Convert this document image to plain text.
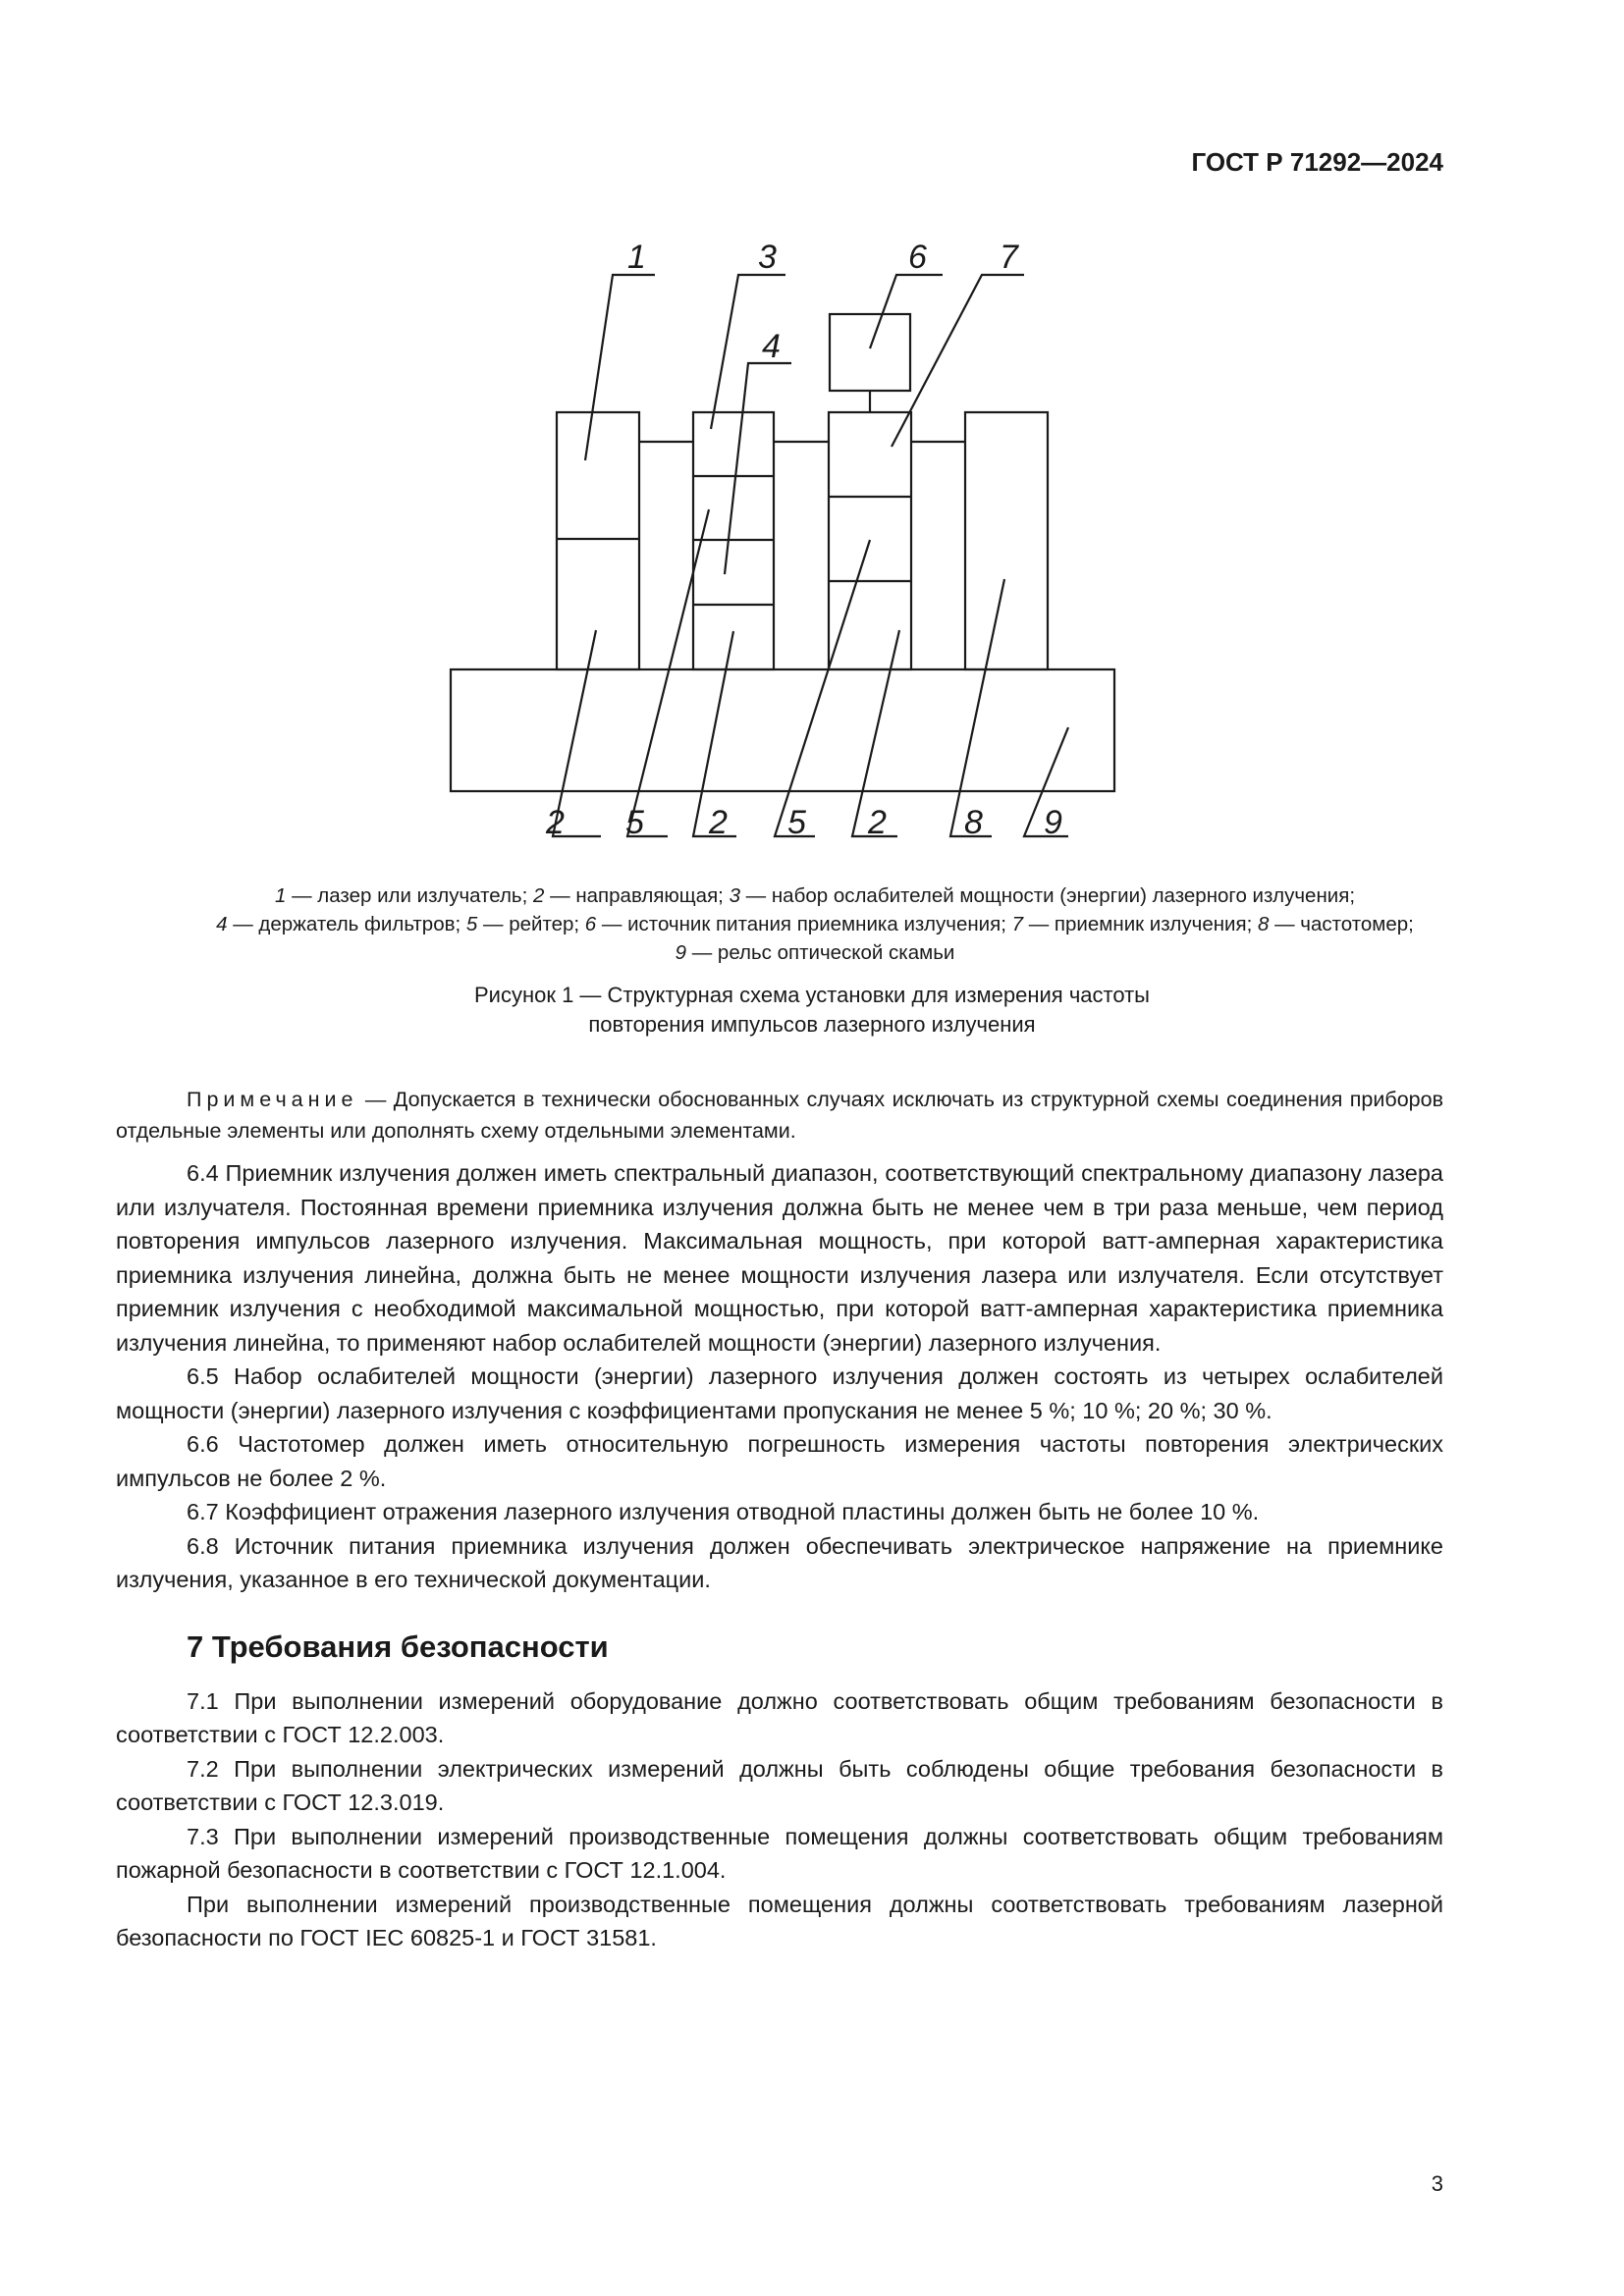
ГОСТ Р 71292—2024
1	3	6 7
4
2 5 2 5 2 8 9

1 — лазер или излучатель; 2 — направляющая; 3 — набор ослабителей мощности (энергии) лазерного излучения;

4 — держатель фильтров; 5 — рейтер; 6 — источник питания приемника излучения; 7 — приемник излучения; 8 — частотомер;

9 — рельс оптической скамьи

Рисунок 1 — Структурная схема установки для измерения частоты

повторения импульсов лазерного излучения

Примечание — Допускается в технически обоснованных случаях исключать из структурной схемы соединения приборов отдельные элементы или дополнять схему отдельными элементами.

6.4 Приемник излучения должен иметь спектральный диапазон, соответствующий спектральному диапазону лазера или излучателя. Постоянная времени приемника излучения должна быть не менее чем в три раза меньше, чем период повторения импульсов лазерного излучения. Максимальная мощность, при которой ватт-амперная характеристика приемника излучения линейна, должна быть не менее мощности излучения лазера или излучателя. Если отсутствует приемник излучения с необходимой максимальной мощностью, при которой ватт-амперная характеристика приемника излучения линейна, то применяют набор ослабителей мощности (энергии) лазерного излучения.

6.5 Набор ослабителей мощности (энергии) лазерного излучения должен состоять из четырех ослабителей мощности (энергии) лазерного излучения с коэффициентами пропускания не менее 5 %; 10 %; 20 %; 30 %.

6.6 Частотомер должен иметь относительную погрешность измерения частоты повторения электрических импульсов не более 2 %.

6.7 Коэффициент отражения лазерного излучения отводной пластины должен быть не более 10 %.

6.8 Источник питания приемника излучения должен обеспечивать электрическое напряжение на приемнике излучения, указанное в его технической документации.

7 Требования безопасности

7.1 При выполнении измерений оборудование должно соответствовать общим требованиям безопасности в соответствии с ГОСТ 12.2.003.

7.2 При выполнении электрических измерений должны быть соблюдены общие требования безопасности в соответствии с ГОСТ 12.3.019.

7.3 При выполнении измерений производственные помещения должны соответствовать общим требованиям пожарной безопасности в соответствии с ГОСТ 12.1.004.

При выполнении измерений производственные помещения должны соответствовать требованиям лазерной безопасности по ГОСТ IEC 60825-1 и ГОСТ 31581.

3
